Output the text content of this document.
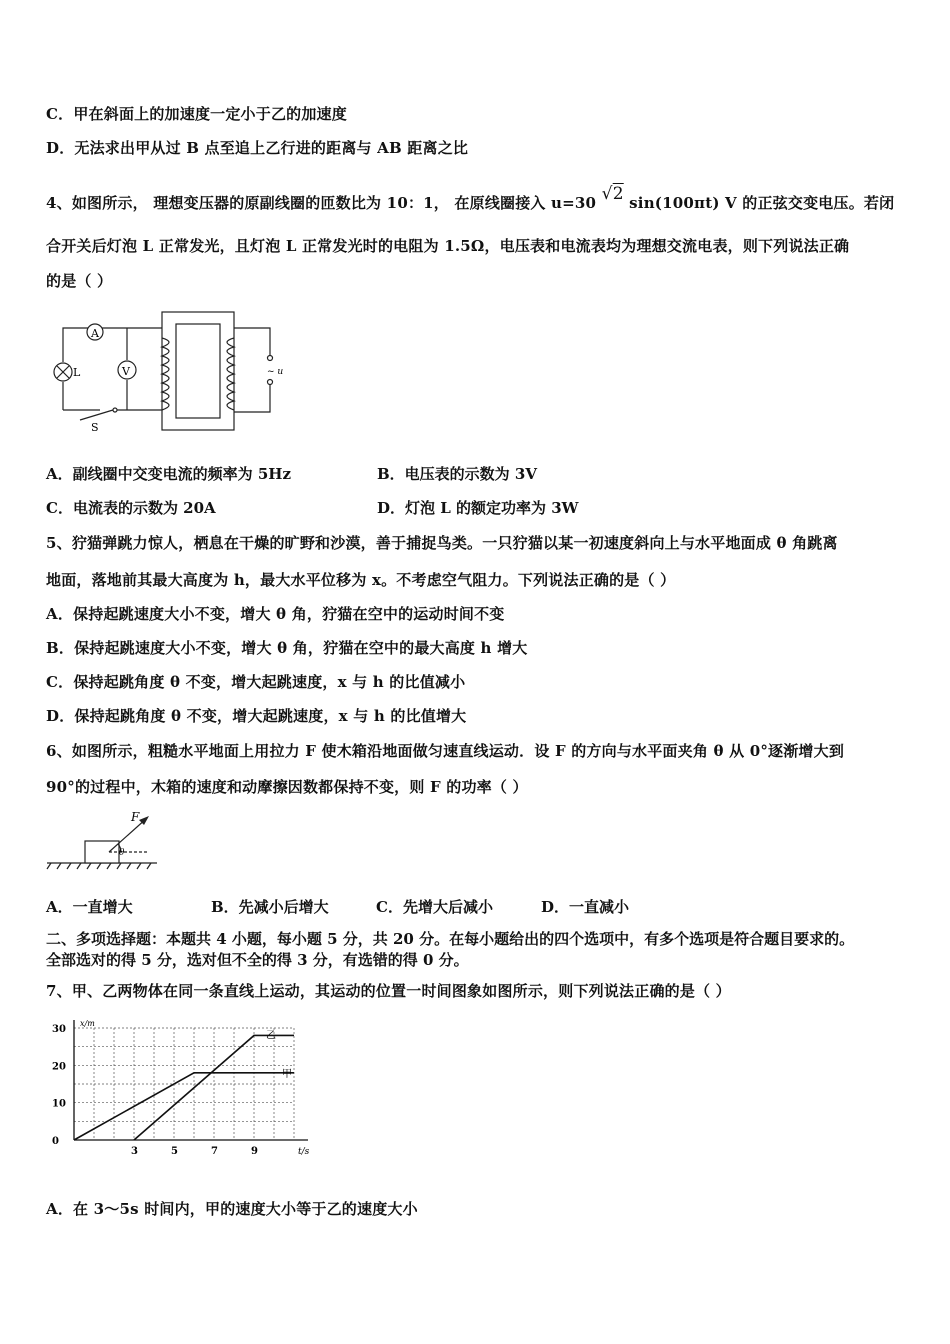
C．甲在斜面上的加速度一定小于乙的加速度
D．无法求出甲从过 B 点至追上乙行进的距离与 AB 距离之比
4、如图所示， 理想变压器的原副线圈的匝数比为 10：1， 在原线圈接入 u=30 √2 sin(100πt) V 的正弦交变电压。若闭
合开关后灯泡 L 正常发光，且灯泡 L 正常发光时的电阻为 1.5Ω，电压表和电流表均为理想交流电表，则下列说法正确
的是（ ）
A
V
L
S
~ u
A．副线圈中交变电流的频率为 5Hz	B．电压表的示数为 3V
C．电流表的示数为 20A	D．灯泡 L 的额定功率为 3W
5、狞猫弹跳力惊人，栖息在干燥的旷野和沙漠，善于捕捉鸟类。一只狞猫以某一初速度斜向上与水平地面成 θ 角跳离
地面，落地前其最大高度为 h，最大水平位移为 x。不考虑空气阻力。下列说法正确的是（ ）
A．保持起跳速度大小不变，增大 θ 角，狞猫在空中的运动时间不变
B．保持起跳速度大小不变，增大 θ 角，狞猫在空中的最大高度 h 增大
C．保持起跳角度 θ 不变，增大起跳速度，x 与 h 的比值减小
D．保持起跳角度 θ 不变，增大起跳速度，x 与 h 的比值增大
6、如图所示，粗糙水平地面上用拉力 F 使木箱沿地面做匀速直线运动．设 F 的方向与水平面夹角 θ 从 0°逐渐增大到
90°的过程中，木箱的速度和动摩擦因数都保持不变，则 F 的功率（ ）
F
θ
A．一直增大	B．先减小后增大	C．先增大后减小	D．一直减小
二、多项选择题：本题共 4 小题，每小题 5 分，共 20 分。在每小题给出的四个选项中，有多个选项是符合题目要求的。
全部选对的得 5 分，选对但不全的得 3 分，有选错的得 0 分。
7、甲、乙两物体在同一条直线上运动，其运动的位置一时间图象如图所示，则下列说法正确的是（ ）
t/s
x/m
3	5	7	9
0
10
20
30
甲
乙
A．在 3～5s 时间内，甲的速度大小等于乙的速度大小
